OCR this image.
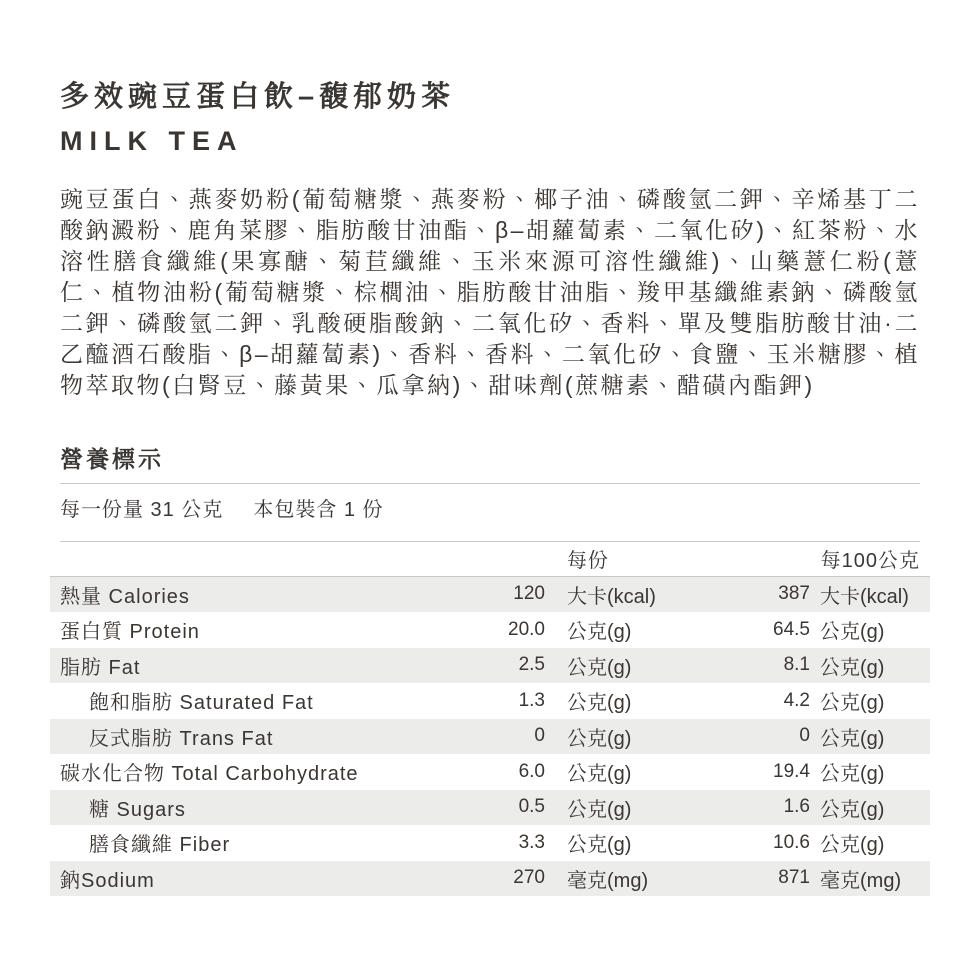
多效豌豆蛋白飲–馥郁奶茶
MILK TEA
豌豆蛋白、燕麥奶粉(葡萄糖漿、燕麥粉、椰子油、磷酸氫二鉀、辛烯基丁二酸鈉澱粉、鹿角菜膠、脂肪酸甘油酯、β–胡蘿蔔素、二氧化矽)、紅茶粉、水溶性膳食纖維(果寡醣、菊苣纖維、玉米來源可溶性纖維)、山藥薏仁粉(薏仁、植物油粉(葡萄糖漿、棕櫚油、脂肪酸甘油脂、羧甲基纖維素鈉、磷酸氫二鉀、磷酸氫二鉀、乳酸硬脂酸鈉、二氧化矽、香料、單及雙脂肪酸甘油·二乙醯酒石酸脂、β–胡蘿蔔素)、香料、香料、二氧化矽、食鹽、玉米糖膠、植物萃取物(白腎豆、藤黃果、瓜拿納)、甜味劑(蔗糖素、醋磺內酯鉀)
營養標示
每一份量 31 公克 本包裝含 1 份
每份	每100公克
熱量 Calories	120	大卡(kcal)	387 大卡(kcal)
蛋白質 Protein	20.0	公克(g)	64.5 公克(g)
脂肪 Fat	2.5	公克(g)	8.1 公克(g)
飽和脂肪 Saturated Fat	1.3	公克(g)	4.2 公克(g)
反式脂肪 Trans Fat	0	公克(g)	0 公克(g)
碳水化合物 Total Carbohydrate	6.0	公克(g)	19.4 公克(g)
糖 Sugars	0.5	公克(g)	1.6 公克(g)
膳食纖維 Fiber	3.3	公克(g)	10.6 公克(g)
鈉Sodium	270	毫克(mg)	871 毫克(mg)
